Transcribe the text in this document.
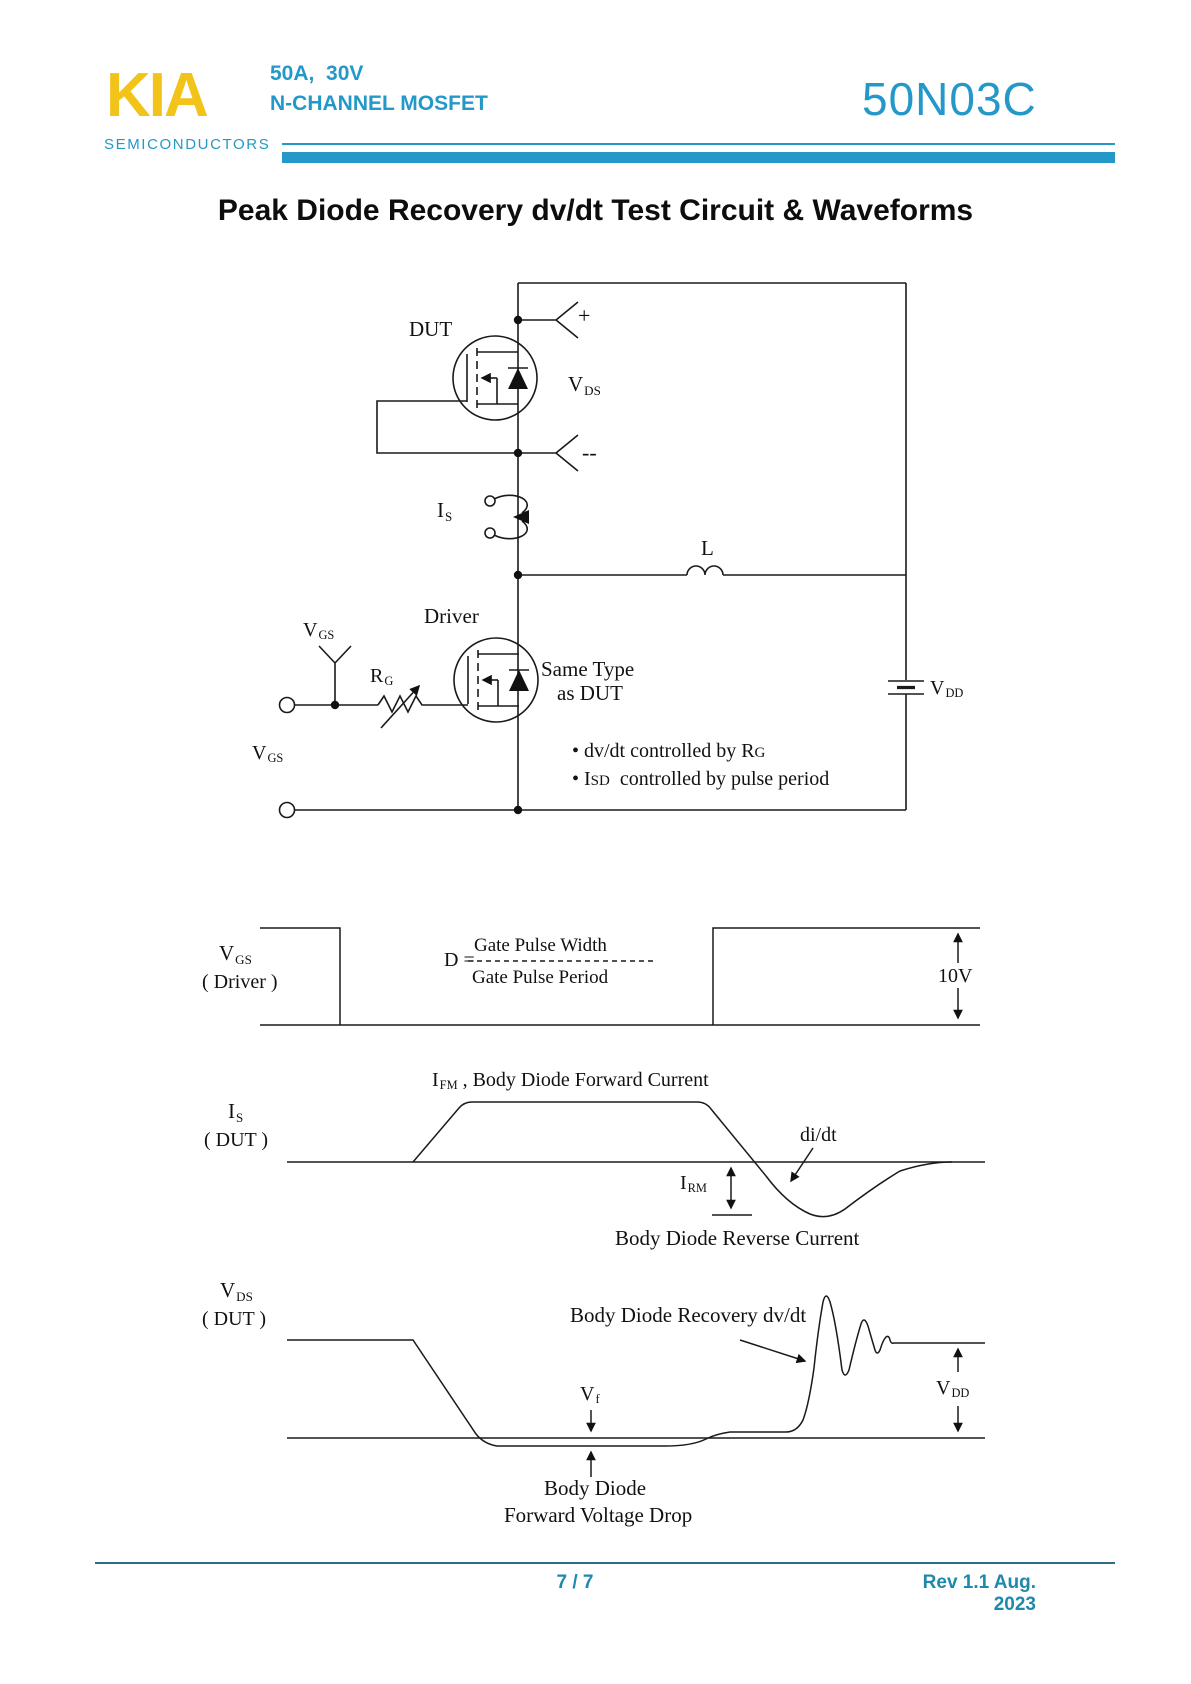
KIA
SEMICONDUCTORS
50A,  30V
N-CHANNEL MOSFET	50N03C
Peak Diode Recovery dv/dt Test Circuit & Waveforms
DUT
+
--
VDS
IS
L
Driver
VGS
RG
Same Type
as DUT	VDD
VGS	• dv/dt controlled by RG
• ISD  controlled by pulse period
VGS
( Driver )
D =
Gate Pulse Width
Gate Pulse Period	10V
IFM , Body Diode Forward Current
IS
( DUT )
IRM
di/dt
Body Diode Reverse Current
VDS
( DUT )	Body Diode Recovery dv/dt
Vf
VDD
Body Diode
Forward Voltage Drop
7 / 7	Rev 1.1 Aug. 2023
